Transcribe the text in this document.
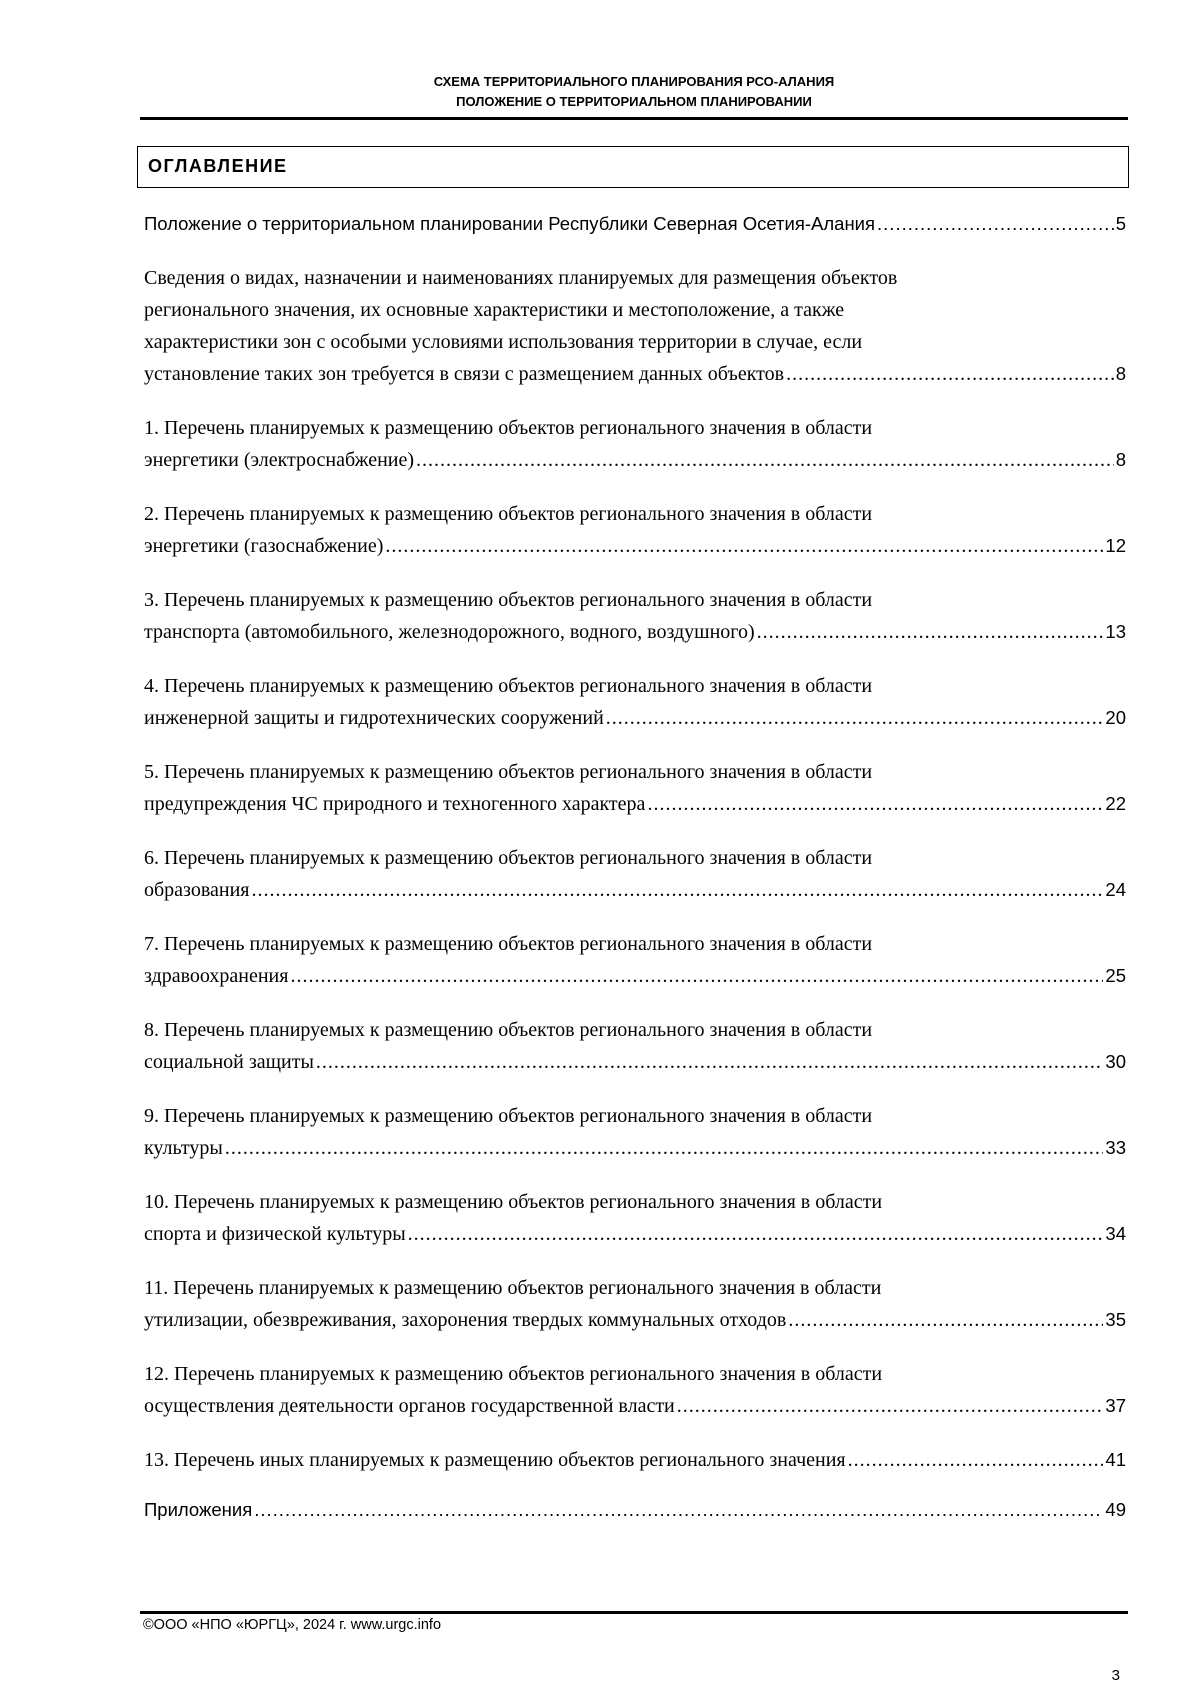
СХЕМА ТЕРРИТОРИАЛЬНОГО ПЛАНИРОВАНИЯ РСО-АЛАНИЯ
ПОЛОЖЕНИЕ О ТЕРРИТОРИАЛЬНОМ ПЛАНИРОВАНИИ
ОГЛАВЛЕНИЕ
Положение о территориальном планировании Республики Северная Осетия-Алания .....	5
Сведения о видах, назначении и наименованиях планируемых для размещения объектов
регионального значения, их основные характеристики и местоположение, а также
характеристики зон с особыми условиями использования территории в случае, если
установление таких зон требуется в связи с размещением данных объектов .....	8
1. Перечень планируемых к размещению объектов регионального значения в области
энергетики (электроснабжение) .....	8
2. Перечень планируемых к размещению объектов регионального значения в области
энергетики (газоснабжение) .....	12
3. Перечень планируемых к размещению объектов регионального значения в области
транспорта (автомобильного, железнодорожного, водного, воздушного) .....	13
4. Перечень планируемых к размещению объектов регионального значения в области
инженерной защиты и гидротехнических сооружений .....	20
5. Перечень планируемых к размещению объектов регионального значения в области
предупреждения ЧС природного и техногенного характера .....	22
6. Перечень планируемых к размещению объектов регионального значения в области
образования .....	24
7. Перечень планируемых к размещению объектов регионального значения в области
здравоохранения .....	25
8. Перечень планируемых к размещению объектов регионального значения в области
социальной защиты .....	30
9. Перечень планируемых к размещению объектов регионального значения в области
культуры .....	33
10. Перечень планируемых к размещению объектов регионального значения в области
спорта и физической культуры .....	34
11. Перечень планируемых к размещению объектов регионального значения в области
утилизации, обезвреживания, захоронения твердых коммунальных отходов .....	35
12. Перечень планируемых к размещению объектов регионального значения в области
осуществления деятельности органов государственной власти .....	37
13. Перечень иных планируемых к размещению объектов регионального значения .....	41
Приложения .....	49
©ООО «НПО «ЮРГЦ», 2024 г. www.urgc.info
3
